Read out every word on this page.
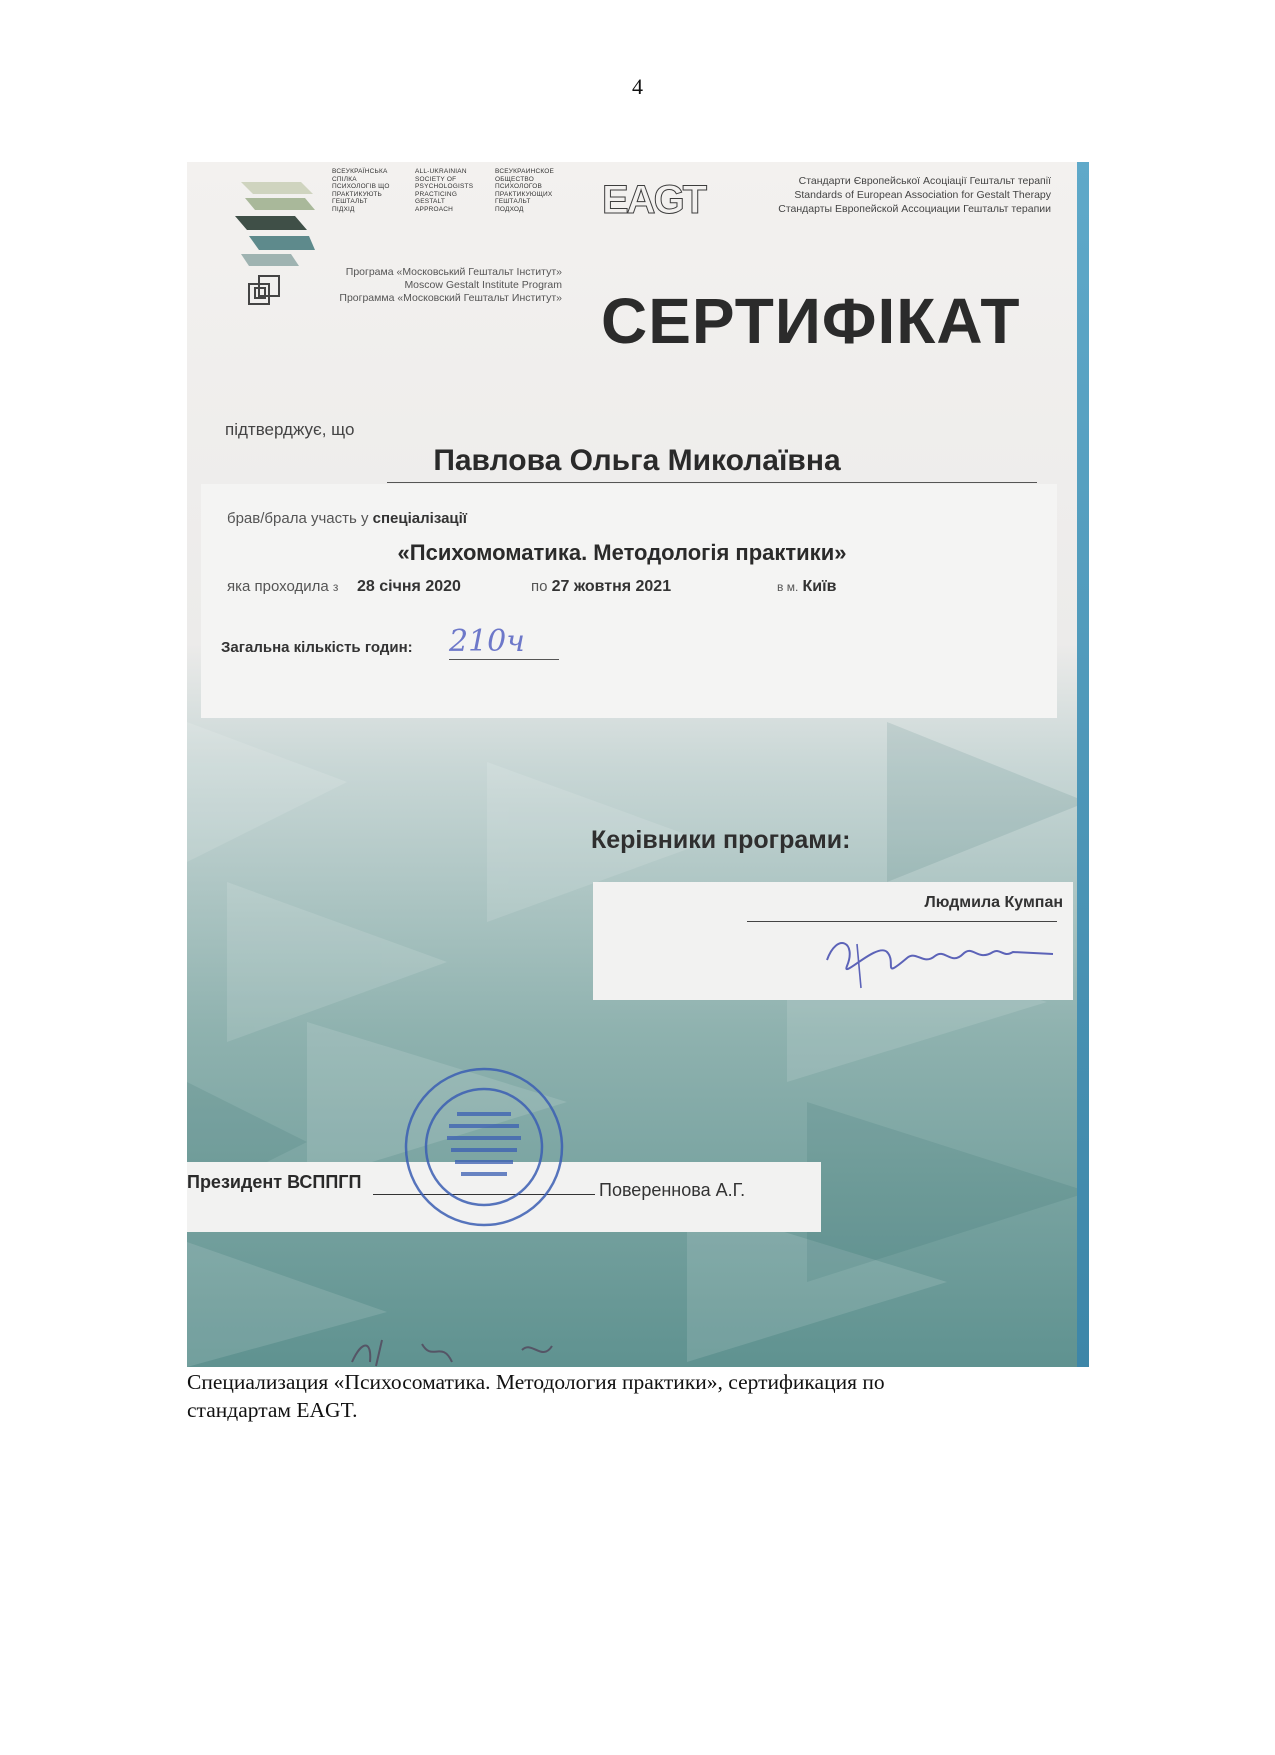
4
ВСЕУКРАЇНСЬКА
СПІЛКА
ПСИХОЛОГІВ ЩО
ПРАКТИКУЮТЬ
ГЕШТАЛЬТ
ПІДХІД
ALL-UKRAINIAN
SOCIETY OF
PSYCHOLOGISTS
PRACTICING
GESTALT
APPROACH
ВСЕУКРАИНСКОЕ
ОБЩЕСТВО
ПСИХОЛОГОВ
ПРАКТИКУЮЩИХ
ГЕШТАЛЬТ
ПОДХОД	EAGT	Стандарти Європейської Асоціації Гештальт терапії
Standards of European Association for Gestalt Therapy
Стандарты Европейской Ассоциации Гештальт терапии
Програма «Московський Гештальт Інститут»
Moscow Gestalt Institute Program
Программа «Московский Гештальт Институт» СЕРТИФІКАТ
підтверджує, що
Павлова Ольга Миколаївна
брав/брала участь у спеціалізації
«Психомоматика. Методологія практики»
яка проходила з 28 січня 2020	по 27 жовтня 2021	в м. Київ
Загальна кількість годин: 210ч
Керівники програми:
Людмила Кумпан
Президент ВСППГП	Повереннова А.Г.
Специализация «Психосоматика. Методология практики», сертификация по
стандартам EAGT.
